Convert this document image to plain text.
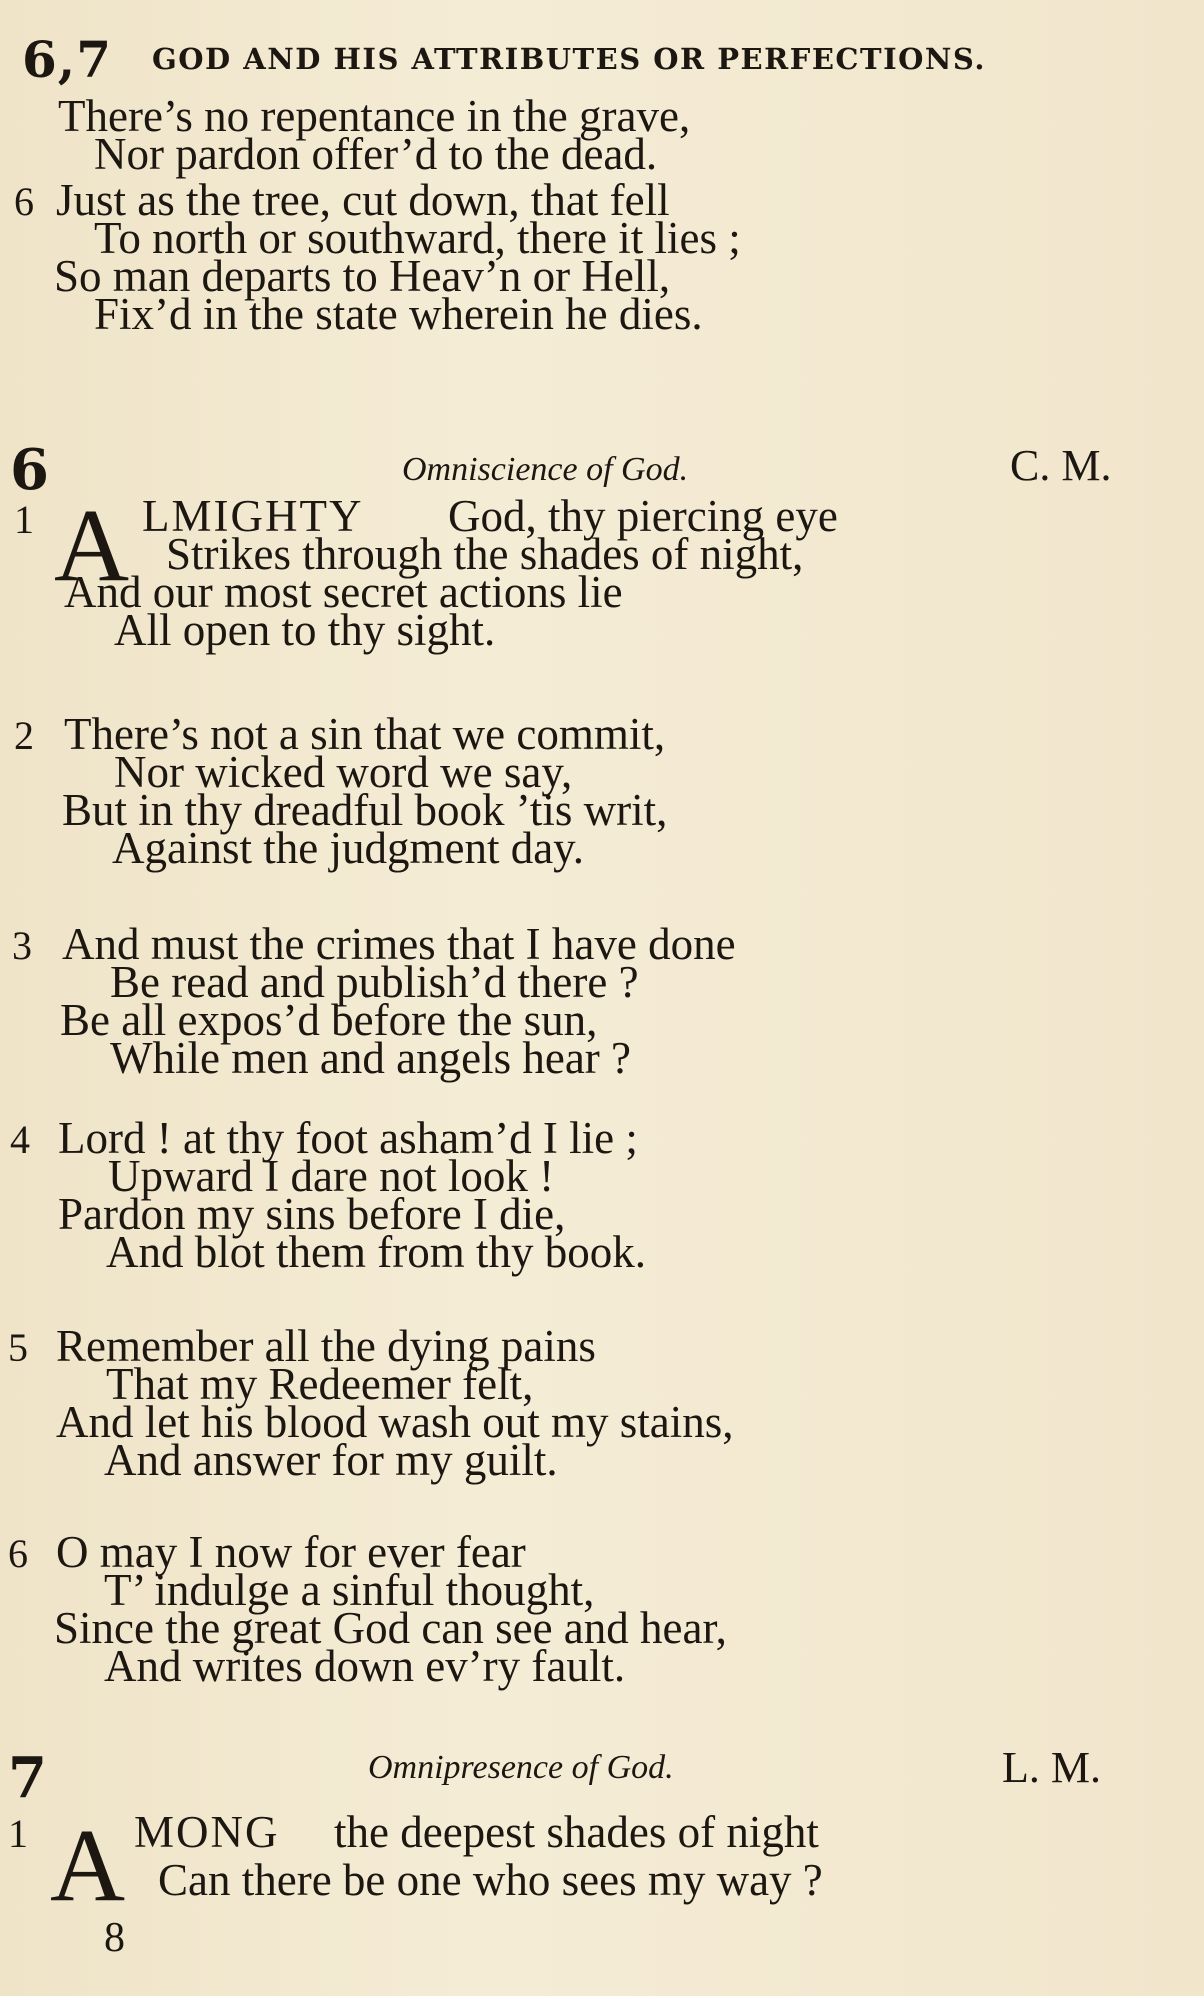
6,7 GOD AND HIS ATTRIBUTES OR PERFECTIONS.
There’s no repentance in the grave,
Nor pardon offer’d to the dead.
6 Just as the tree, cut down, that fell
To north or southward, there it lies ;
So man departs to Heav’n or Hell,
Fix’d in the state wherein he dies.
6	Omniscience of God.	C. M.
1 A LMIGHTY God, thy piercing eye
Strikes through the shades of night,
And our most secret actions lie
All open to thy sight.
2 There’s not a sin that we commit,
Nor wicked word we say,
But in thy dreadful book ’tis writ,
Against the judgment day.
3 And must the crimes that I have done
Be read and publish’d there ?
Be all expos’d before the sun,
While men and angels hear ?
4 Lord ! at thy foot asham’d I lie ;
Upward I dare not look !
Pardon my sins before I die,
And blot them from thy book.
5 Remember all the dying pains
That my Redeemer felt,
And let his blood wash out my stains,
And answer for my guilt.
6 O may I now for ever fear
T’ indulge a sinful thought,
Since the great God can see and hear,
And writes down ev’ry fault.
7	Omnipresence of God.	L. M.
1 A MONG the deepest shades of night
Can there be one who sees my way ?
8
